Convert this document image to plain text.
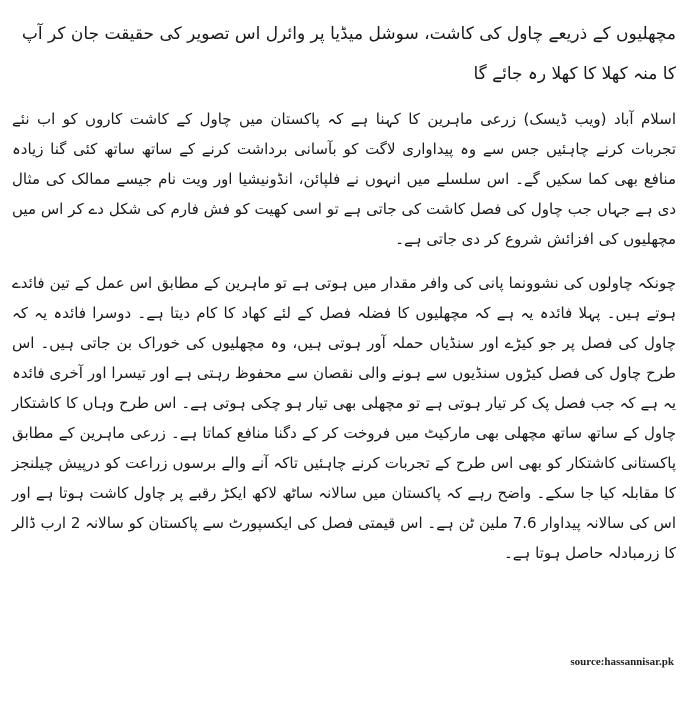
مچھلیوں کے ذریعے چاول کی کاشت، سوشل میڈیا پر وائرل اس تصویر کی حقیقت جان کر آپ کا منہ کھلا کا کھلا رہ جائے گا

اسلام آباد (ویب ڈیسک) زرعی ماہرین کا کہنا ہے کہ پاکستان میں چاول کے کاشت کاروں کو اب نئے تجربات کرنے چاہئیں جس سے وہ پیداواری لاگت کو بآسانی برداشت کرنے کے ساتھ ساتھ کئی گنا زیادہ منافع بھی کما سکیں گے۔ اس سلسلے میں انہوں نے فلپائن، انڈونیشیا اور ویت نام جیسے ممالک کی مثال دی ہے جہاں جب چاول کی فصل کاشت کی جاتی ہے تو اسی کھیت کو فش فارم کی شکل دے کر اس میں مچھلیوں کی افزائش شروع کر دی جاتی ہے۔

چونکہ چاولوں کی نشوونما پانی کی وافر مقدار میں ہوتی ہے تو ماہرین کے مطابق اس عمل کے تین فائدے ہوتے ہیں۔ پہلا فائدہ یہ ہے کہ مچھلیوں کا فضلہ فصل کے لئے کھاد کا کام دیتا ہے۔ دوسرا فائدہ یہ کہ چاول کی فصل پر جو کیڑے اور سنڈیاں حملہ آور ہوتی ہیں، وہ مچھلیوں کی خوراک بن جاتی ہیں۔ اس طرح چاول کی فصل کیڑوں سنڈیوں سے ہونے والی نقصان سے محفوظ رہتی ہے اور تیسرا اور آخری فائدہ یہ ہے کہ جب فصل پک کر تیار ہوتی ہے تو مچھلی بھی تیار ہو چکی ہوتی ہے۔ اس طرح وہاں کا کاشتکار چاول کے ساتھ ساتھ مچھلی بھی مارکیٹ میں فروخت کر کے دگنا منافع کماتا ہے۔ زرعی ماہرین کے مطابق پاکستانی کاشتکار کو بھی اس طرح کے تجربات کرنے چاہئیں تاکہ آنے والے برسوں زراعت کو درپیش چیلنجز کا مقابلہ کیا جا سکے۔ واضح رہے کہ پاکستان میں سالانہ ساٹھ لاکھ ایکڑ رقبے پر چاول کاشت ہوتا ہے اور اس کی سالانہ پیداوار 7.6 ملین ٹن ہے۔ اس قیمتی فصل کی ایکسپورٹ سے پاکستان کو سالانہ 2 ارب ڈالر کا زرمبادلہ حاصل ہوتا ہے۔

source:hassannisar.pk
